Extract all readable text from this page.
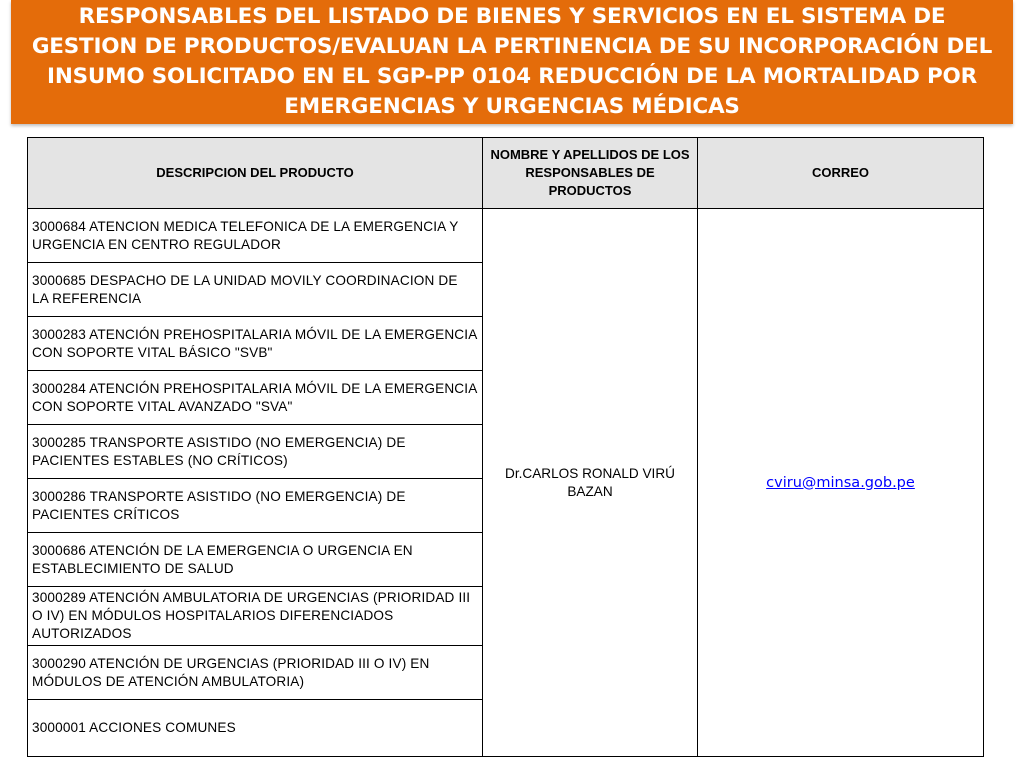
RESPONSABLES DEL LISTADO DE BIENES Y SERVICIOS EN EL SISTEMA DE GESTION DE PRODUCTOS/EVALUAN LA PERTINENCIA DE SU INCORPORACIÓN DEL INSUMO SOLICITADO EN EL SGP-PP 0104 REDUCCIÓN DE LA MORTALIDAD POR EMERGENCIAS Y URGENCIAS MÉDICAS
DESCRIPCION DEL PRODUCTO	NOMBRE Y APELLIDOS DE LOS RESPONSABLES DE PRODUCTOS	CORREO
3000684 ATENCION MEDICA TELEFONICA DE LA EMERGENCIA Y URGENCIA EN CENTRO REGULADOR	Dr.CARLOS RONALD VIRÚ BAZAN	cviru@minsa.gob.pe
3000685 DESPACHO DE LA UNIDAD MOVILY COORDINACION DE LA REFERENCIA		
3000283 ATENCIÓN PREHOSPITALARIA MÓVIL DE LA EMERGENCIA CON SOPORTE VITAL BÁSICO "SVB"		
3000284 ATENCIÓN PREHOSPITALARIA MÓVIL DE LA EMERGENCIA CON SOPORTE VITAL AVANZADO "SVA"		
3000285 TRANSPORTE ASISTIDO (NO EMERGENCIA) DE PACIENTES ESTABLES (NO CRÍTICOS)		
3000286 TRANSPORTE ASISTIDO (NO EMERGENCIA) DE PACIENTES CRÍTICOS		
3000686 ATENCIÓN DE LA EMERGENCIA O URGENCIA EN ESTABLECIMIENTO DE SALUD		
3000289 ATENCIÓN AMBULATORIA DE URGENCIAS (PRIORIDAD III O IV) EN MÓDULOS HOSPITALARIOS DIFERENCIADOS AUTORIZADOS		
3000290 ATENCIÓN DE URGENCIAS (PRIORIDAD III O IV) EN MÓDULOS DE ATENCIÓN AMBULATORIA)		
3000001 ACCIONES COMUNES		
